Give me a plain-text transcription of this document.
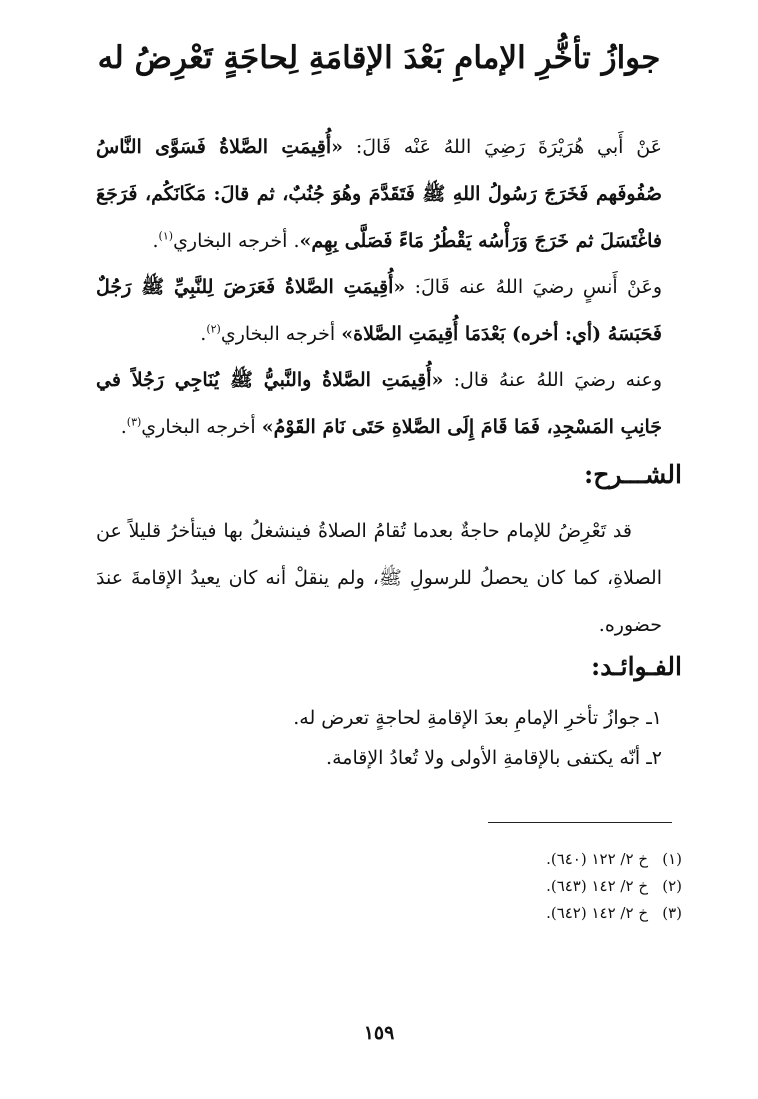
جوازُ تأخُّرِ الإمامِ بَعْدَ الإقامَةِ لِحاجَةٍ تَعْرِضُ له

عَنْ أَبي هُرَيْرَةَ رَضِيَ اللهُ عَنْه قَالَ: «أُقِيمَتِ الصَّلاةُ فَسَوَّى النَّاسُ صُفُوفَهم فَخَرَجَ رَسُولُ اللهِ ﷺ فَتَقَدَّمَ وهُوَ جُنُبٌ، ثم قالَ: مَكَانَكُم، فَرَجَعَ فاغْتَسَلَ ثم خَرَجَ وَرَأْسُه يَقْطُرُ مَاءً فَصَلَّى بِهِم». أخرجه البخاري$^{(١)}$.

وعَنْ أَنسٍ رضيَ اللهُ عنه قَالَ: «أُقِيمَتِ الصَّلاةُ فَعَرَضَ لِلنَّبِيِّ ﷺ رَجُلٌ فَحَبَسَهُ (أي: أخره) بَعْدَمَا أُقِيمَتِ الصَّلاة» أخرجه البخاري$^{(٢)}$.

وعنه رضيَ اللهُ عنهُ قال: «أُقِيمَتِ الصَّلاةُ والنَّبيُّ ﷺ يُنَاجِي رَجُلاً في جَانِبِ المَسْجِدِ، فَمَا قَامَ إِلَى الصَّلاةِ حَتَى نَامَ القَوْمُ» أخرجه البخاري$^{(٣)}$.

الشـــرح:

قد تَعْرِضُ للإمام حاجةٌ بعدما تُقامُ الصلاةُ فينشغلُ بها فيتأخرُ قليلاً عن الصلاةِ، كما كان يحصلُ للرسولِ ﷺ، ولم ينقلْ أنه كان يعيدُ الإقامةَ عندَ حضوره.

الفـوائـد:
١ـ جوازُ تأخرِ الإمامِ بعدَ الإقامةِ لحاجةٍ تعرض له.
٢ـ أنّه يكتفى بالإقامةِ الأولى ولا تُعادُ الإقامة.
(١)خ ٢/ ١٢٢ (٦٤٠).
(٢)خ ٢/ ١٤٢ (٦٤٣).
(٣)خ ٢/ ١٤٢ (٦٤٢).
١٥٩
